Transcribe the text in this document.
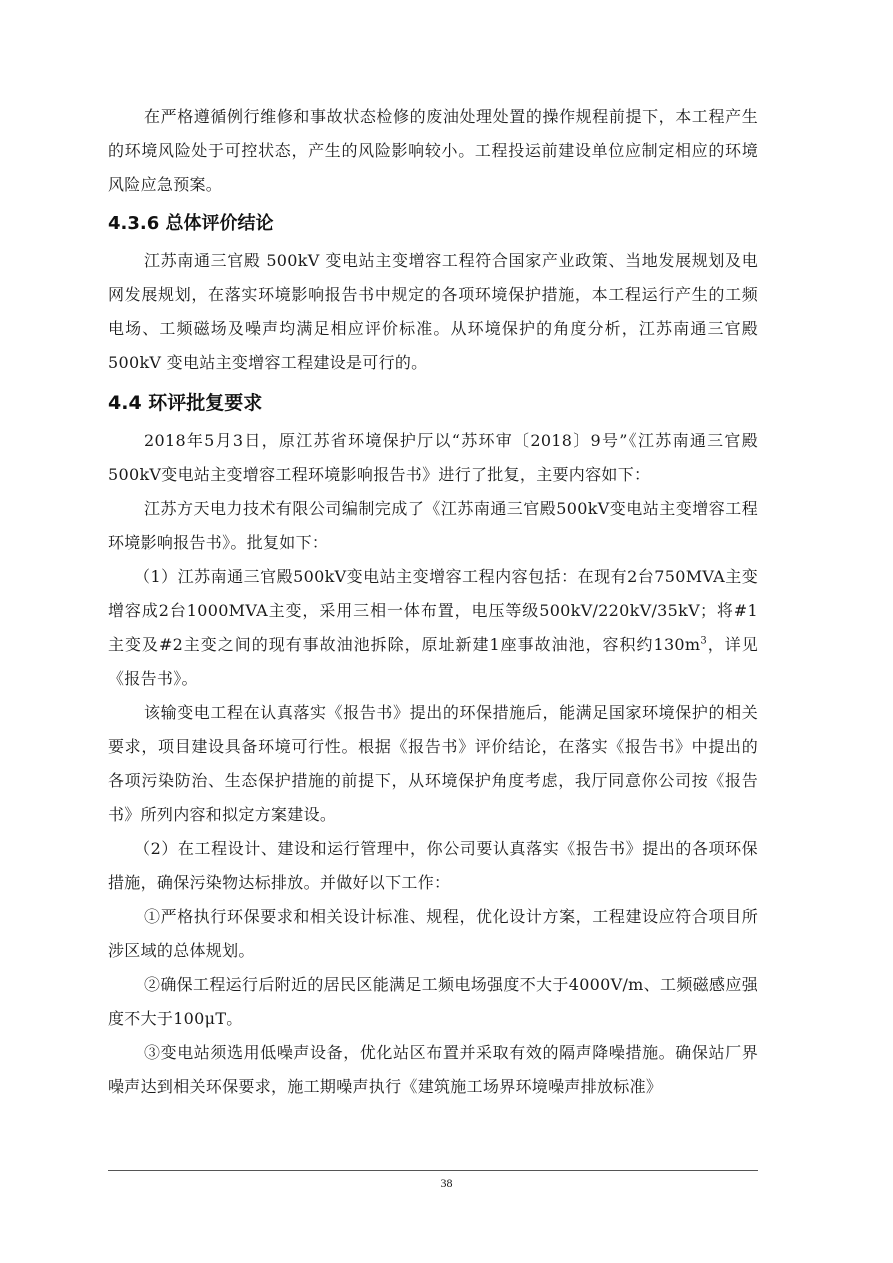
在严格遵循例行维修和事故状态检修的废油处理处置的操作规程前提下，本工程产生的环境风险处于可控状态，产生的风险影响较小。工程投运前建设单位应制定相应的环境风险应急预案。

4.3.6 总体评价结论

江苏南通三官殿 500kV 变电站主变增容工程符合国家产业政策、当地发展规划及电网发展规划，在落实环境影响报告书中规定的各项环境保护措施，本工程运行产生的工频电场、工频磁场及噪声均满足相应评价标准。从环境保护的角度分析，江苏南通三官殿 500kV 变电站主变增容工程建设是可行的。

4.4 环评批复要求

2018年5月3日，原江苏省环境保护厅以“苏环审〔2018〕9号”《江苏南通三官殿500kV变电站主变增容工程环境影响报告书》进行了批复，主要内容如下：

江苏方天电力技术有限公司编制完成了《江苏南通三官殿500kV变电站主变增容工程环境影响报告书》。批复如下：

（1）江苏南通三官殿500kV变电站主变增容工程内容包括：在现有2台750MVA主变增容成2台1000MVA主变，采用三相一体布置，电压等级500kV/220kV/35kV；将#1主变及#2主变之间的现有事故油池拆除，原址新建1座事故油池，容积约$130m^3$，详见《报告书》。

该输变电工程在认真落实《报告书》提出的环保措施后，能满足国家环境保护的相关要求，项目建设具备环境可行性。根据《报告书》评价结论，在落实《报告书》中提出的各项污染防治、生态保护措施的前提下，从环境保护角度考虑，我厅同意你公司按《报告书》所列内容和拟定方案建设。

（2）在工程设计、建设和运行管理中，你公司要认真落实《报告书》提出的各项环保措施，确保污染物达标排放。并做好以下工作：

①严格执行环保要求和相关设计标准、规程，优化设计方案，工程建设应符合项目所涉区域的总体规划。

②确保工程运行后附近的居民区能满足工频电场强度不大于4000V/m、工频磁感应强度不大于100μT。

③变电站须选用低噪声设备，优化站区布置并采取有效的隔声降噪措施。确保站厂界噪声达到相关环保要求，施工期噪声执行《建筑施工场界环境噪声排放标准》

38
